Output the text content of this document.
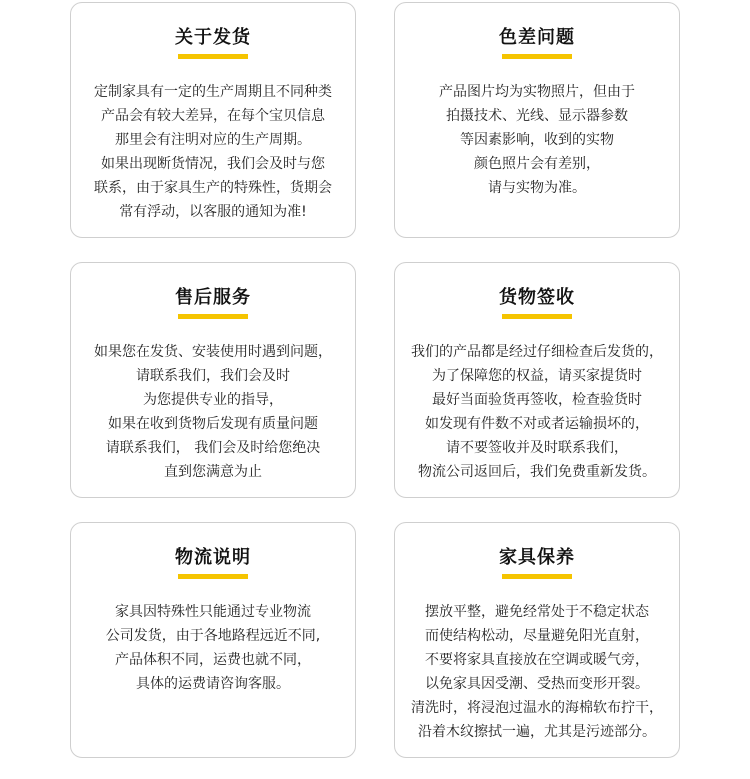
关于发货
定制家具有一定的生产周期且不同种类
产品会有较大差异，在每个宝贝信息
那里会有注明对应的生产周期。
如果出现断货情况，我们会及时与您
联系，由于家具生产的特殊性，货期会
常有浮动，以客服的通知为准!
色差问题
产品图片均为实物照片，但由于
拍摄技术、光线、显示器参数
等因素影响，收到的实物
颜色照片会有差别，
请与实物为准。
售后服务
如果您在发货、安装使用时遇到问题，
请联系我们，我们会及时
为您提供专业的指导，
如果在收到货物后发现有质量问题
请联系我们， 我们会及时给您绝决
直到您满意为止
货物签收
我们的产品都是经过仔细检查后发货的，
为了保障您的权益，请买家提货时
最好当面验货再签收，检查验货时
如发现有件数不对或者运输损坏的，
请不要签收并及时联系我们，
物流公司返回后，我们免费重新发货。
物流说明
家具因特殊性只能通过专业物流
公司发货，由于各地路程远近不同,
产品体积不同，运费也就不同，
具体的运费请咨询客服。
家具保养
摆放平整，避免经常处于不稳定状态
而使结构松动，尽量避免阳光直射，
不要将家具直接放在空调或暖气旁，
以免家具因受潮、受热而变形开裂。
清洗时，将浸泡过温水的海棉软布拧干，
沿着木纹擦拭一遍，尤其是污迹部分。
